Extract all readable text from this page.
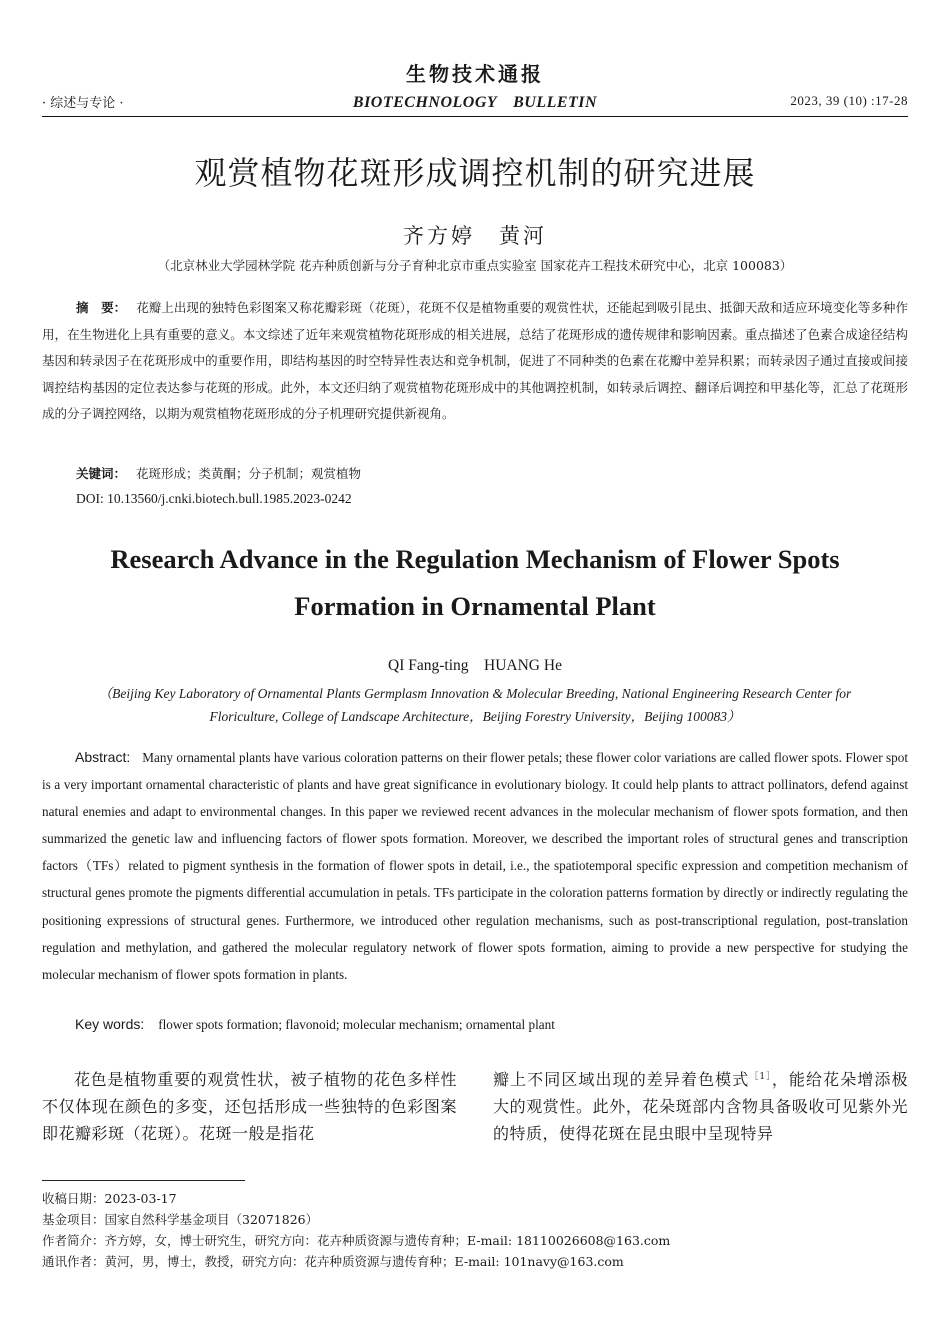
生物技术通报
· 综述与专论 ·	BIOTECHNOLOGY　BULLETIN	2023, 39 (10) :17-28
观赏植物花斑形成调控机制的研究进展
齐方婷　黄河
（北京林业大学园林学院 花卉种质创新与分子育种北京市重点实验室 国家花卉工程技术研究中心，北京 100083）
摘　要： 花瓣上出现的独特色彩图案又称花瓣彩斑（花斑），花斑不仅是植物重要的观赏性状，还能起到吸引昆虫、抵御天敌和适应环境变化等多种作用，在生物进化上具有重要的意义。本文综述了近年来观赏植物花斑形成的相关进展，总结了花斑形成的遗传规律和影响因素。重点描述了色素合成途径结构基因和转录因子在花斑形成中的重要作用，即结构基因的时空特异性表达和竞争机制，促进了不同种类的色素在花瓣中差异积累；而转录因子通过直接或间接调控结构基因的定位表达参与花斑的形成。此外，本文还归纳了观赏植物花斑形成中的其他调控机制，如转录后调控、翻译后调控和甲基化等，汇总了花斑形成的分子调控网络，以期为观赏植物花斑形成的分子机理研究提供新视角。
关键词： 花斑形成；类黄酮；分子机制；观赏植物
DOI: 10.13560/j.cnki.biotech.bull.1985.2023-0242
Research Advance in the Regulation Mechanism of Flower Spots
Formation in Ornamental Plant
QI Fang-ting　HUANG He
（Beijing Key Laboratory of Ornamental Plants Germplasm Innovation & Molecular Breeding, National Engineering Research Center for
Floriculture, College of Landscape Architecture，Beijing Forestry University，Beijing 100083）
Abstract: Many ornamental plants have various coloration patterns on their flower petals; these flower color variations are called flower spots. Flower spot is a very important ornamental characteristic of plants and have great significance in evolutionary biology. It could help plants to attract pollinators, defend against natural enemies and adapt to environmental changes. In this paper we reviewed recent advances in the molecular mechanism of flower spots formation, and then summarized the genetic law and influencing factors of flower spots formation. Moreover, we described the important roles of structural genes and transcription factors（TFs）related to pigment synthesis in the formation of flower spots in detail, i.e., the spatiotemporal specific expression and competition mechanism of structural genes promote the pigments differential accumulation in petals. TFs participate in the coloration patterns formation by directly or indirectly regulating the positioning expressions of structural genes. Furthermore, we introduced other regulation mechanisms, such as post-transcriptional regulation, post-translation regulation and methylation, and gathered the molecular regulatory network of flower spots formation, aiming to provide a new perspective for studying the molecular mechanism of flower spots formation in plants.
Key words: flower spots formation; flavonoid; molecular mechanism; ornamental plant
花色是植物重要的观赏性状，被子植物的花色多样性不仅体现在颜色的多变，还包括形成一些独特的色彩图案即花瓣彩斑（花斑）。花斑一般是指花
瓣上不同区域出现的差异着色模式$^{[1]}$，能给花朵增添极大的观赏性。此外，花朵斑部内含物具备吸收可见紫外光的特质，使得花斑在昆虫眼中呈现特异
收稿日期：2023-03-17
基金项目：国家自然科学基金项目（32071826）
作者简介：齐方婷，女，博士研究生，研究方向：花卉种质资源与遗传育种；E-mail: 18110026608@163.com
通讯作者：黄河，男，博士，教授，研究方向：花卉种质资源与遗传育种；E-mail: 101navy@163.com
